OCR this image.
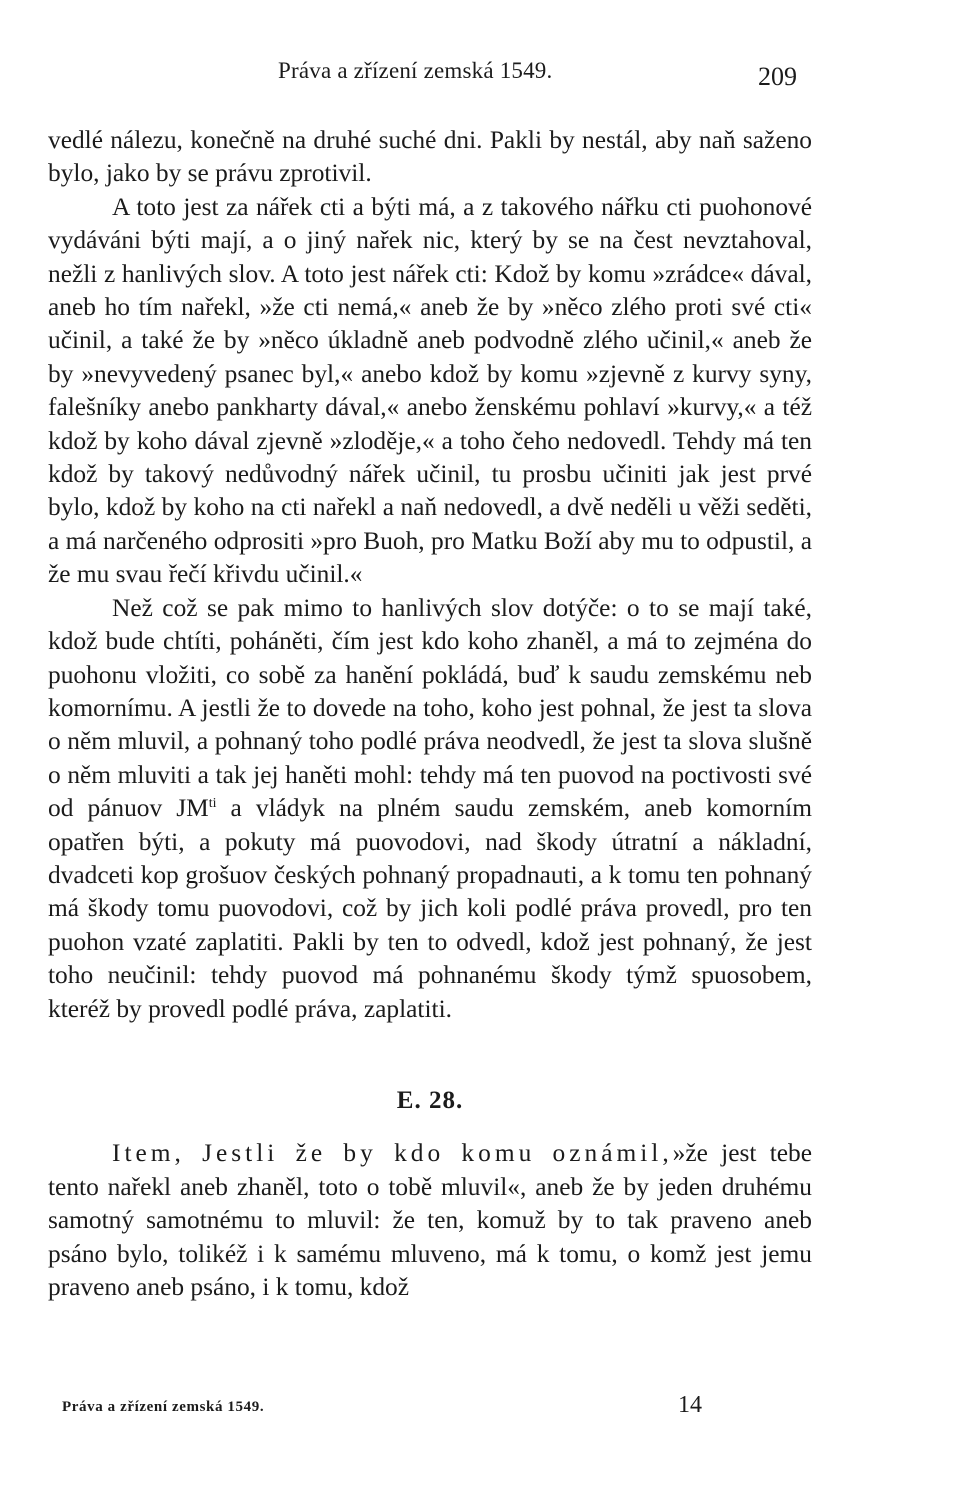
Práva a zřízení zemská 1549.	209

vedlé nálezu, konečně na druhé suché dni. Pakli by nestál, aby naň saženo bylo, jako by se právu zprotivil.

A toto jest za nářek cti a býti má, a z takového nářku cti puohonové vydáváni býti mají, a o jiný nařek nic, který by se na čest nevztahoval, nežli z hanlivých slov. A toto jest nářek cti: Kdož by komu »zrádce« dával, aneb ho tím nařekl, »že cti nemá,« aneb že by »něco zlého proti své cti« učinil, a také že by »něco úkladně aneb podvodně zlého učinil,« aneb že by »nevyvedený psanec byl,« anebo kdož by komu »zjevně z kurvy syny, falešníky anebo pankharty dával,« anebo ženskému pohlaví »kurvy,« a též kdož by koho dával zjevně »zloděje,« a toho čeho nedovedl. Tehdy má ten kdož by takový nedůvodný nářek učinil, tu prosbu učiniti jak jest prvé bylo, kdož by koho na cti nařekl a naň nedovedl, a dvě neděli u věži seděti, a má narčeného odprositi »pro Buoh, pro Matku Boží aby mu to odpustil, a že mu svau řečí křivdu učinil.«

Než což se pak mimo to hanlivých slov dotýče: o to se mají také, kdož bude chtíti, poháněti, čím jest kdo koho zhaněl, a má to zejména do puohonu vložiti, co sobě za hanění pokládá, buď k saudu zemskému neb komornímu. A jestli že to dovede na toho, koho jest pohnal, že jest ta slova o něm mluvil, a pohnaný toho podlé práva neodvedl, že jest ta slova slušně o něm mluviti a tak jej haněti mohl: tehdy má ten puovod na poctivosti své od pánuov $JM^{ti}$ a vládyk na plném saudu zemském, aneb komorním opatřen býti, a pokuty má puovodovi, nad škody útratní a nákladní, dvadceti kop grošuov českých pohnaný propadnauti, a k tomu ten pohnaný má škody tomu puovodovi, což by jich koli podlé práva provedl, pro ten puohon vzaté zaplatiti. Pakli by ten to odvedl, kdož jest pohnaný, že jest toho neučinil: tehdy puovod má pohnanému škody týmž spuosobem, kteréž by provedl podlé práva, zaplatiti.

E. 28.

Item, Jestli že by kdo komu oznámil,»že jest tebe tento nařekl aneb zhaněl, toto o tobě mluvil«, aneb že by jeden druhému samotný samotnému to mluvil: že ten, komuž by to tak praveno aneb psáno bylo, tolikéž i k samému mluveno, má k tomu, o komž jest jemu praveno aneb psáno, i k tomu, kdož

Práva a zřízení zemská 1549.	14
